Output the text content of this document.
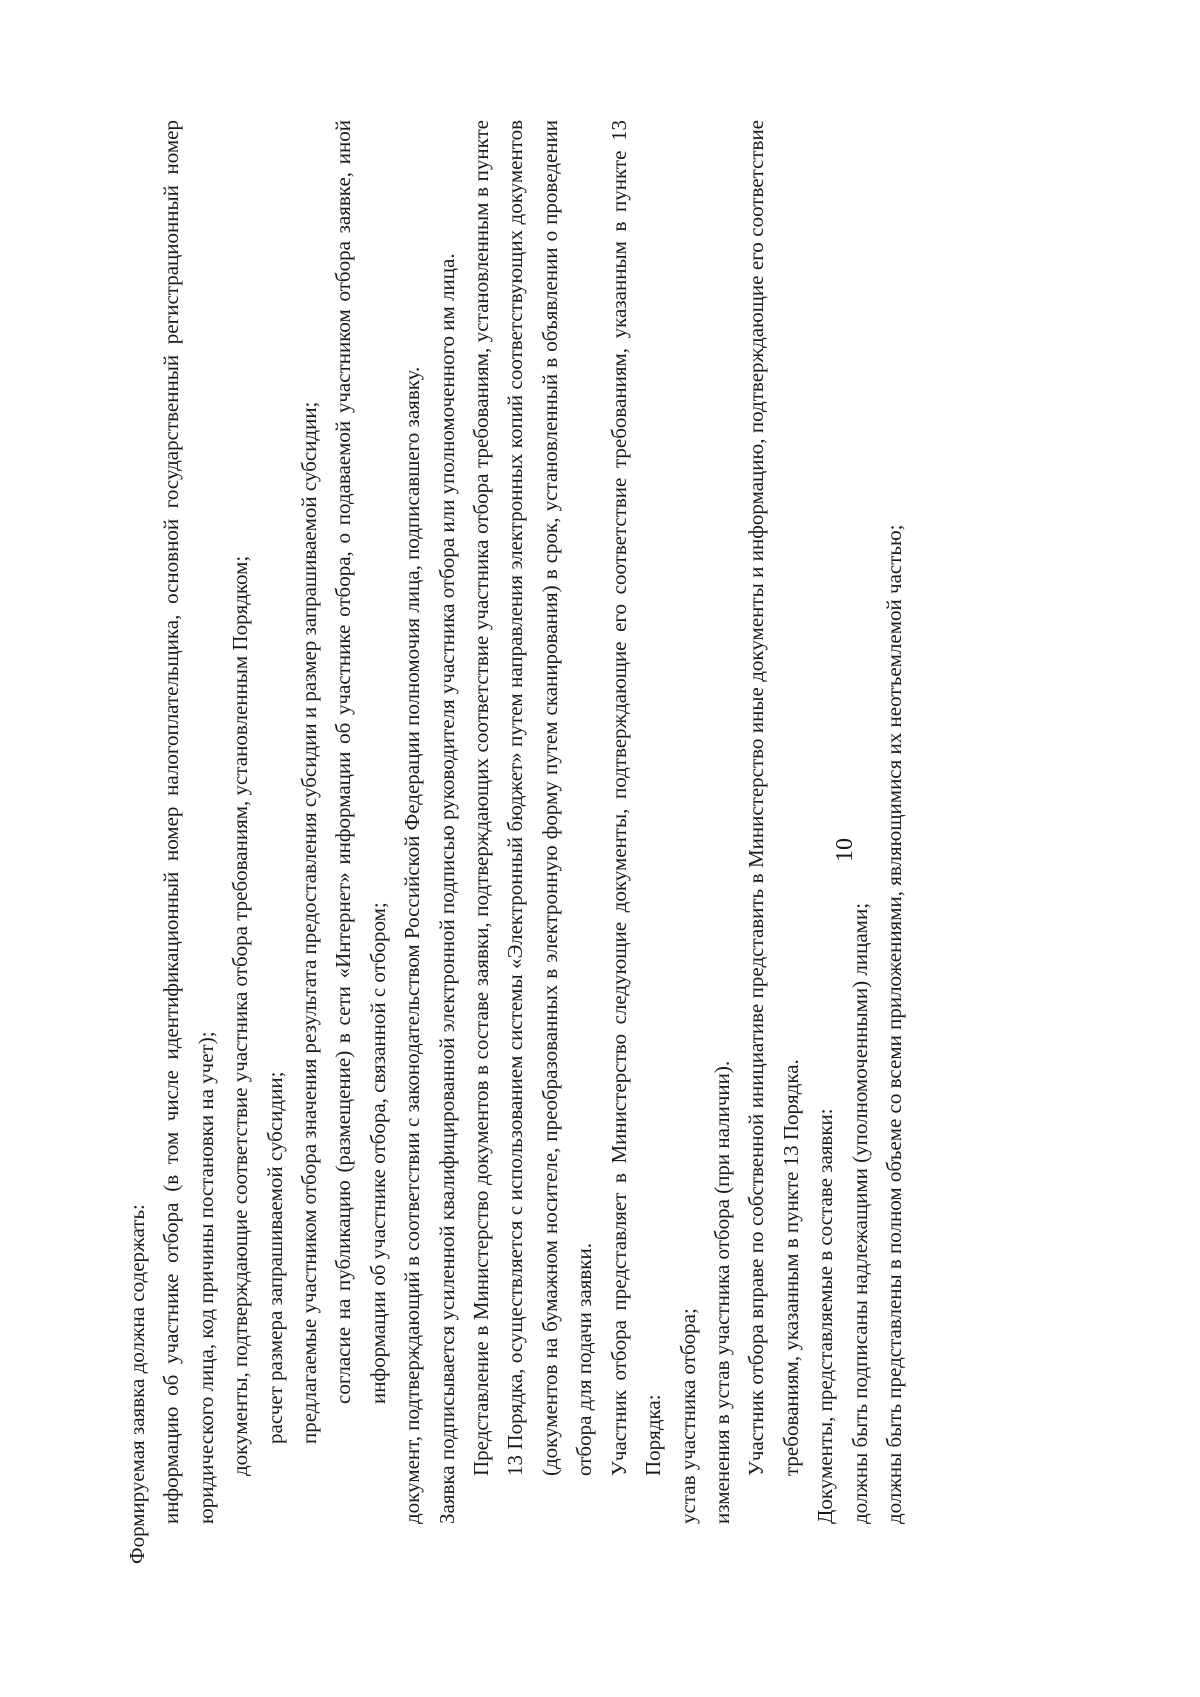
Формируемая заявка должна содержать: информацию об участнике отбора (в том числе идентификационный номер налогоплательщика, основной государственный регистрационный номер юридического лица, код причины постановки на учет); документы, подтверждающие соответствие участника отбора требованиям, установленным Порядком; расчет размера запрашиваемой субсидии; предлагаемые участником отбора значения результата предоставления субсидии и размер запрашиваемой субсидии; согласие на публикацию (размещение) в сети «Интернет» информации об участнике отбора, о подаваемой участником отбора заявке, иной информации об участнике отбора, связанной с отбором; документ, подтверждающий в соответствии с законодательством Российской Федерации полномочия лица, подписавшего заявку. Заявка подписывается усиленной квалифицированной электронной подписью руководителя участника отбора или уполномоченного им лица. Представление в Министерство документов в составе заявки, подтверждающих соответствие участника отбора требованиям, установленным в пункте 13 Порядка, осуществляется с использованием системы «Электронный бюджет» путем направления электронных копий соответствующих документов (документов на бумажном носителе, преобразованных в электронную форму путем сканирования) в срок, установленный в объявлении о проведении отбора для подачи заявки. Участник отбора представляет в Министерство следующие документы, подтверждающие его соответствие требованиям, указанным в пункте 13 Порядка: устав участника отбора; изменения в устав участника отбора (при наличии). Участник отбора вправе по собственной инициативе представить в Министерство иные документы и информацию, подтверждающие его соответствие требованиям, указанным в пункте 13 Порядка. Документы, представляемые в составе заявки: должны быть подписаны надлежащими (уполномоченными) лицами; должны быть представлены в полном объеме со всеми приложениями, являющимися их неотъемлемой частью;

10
